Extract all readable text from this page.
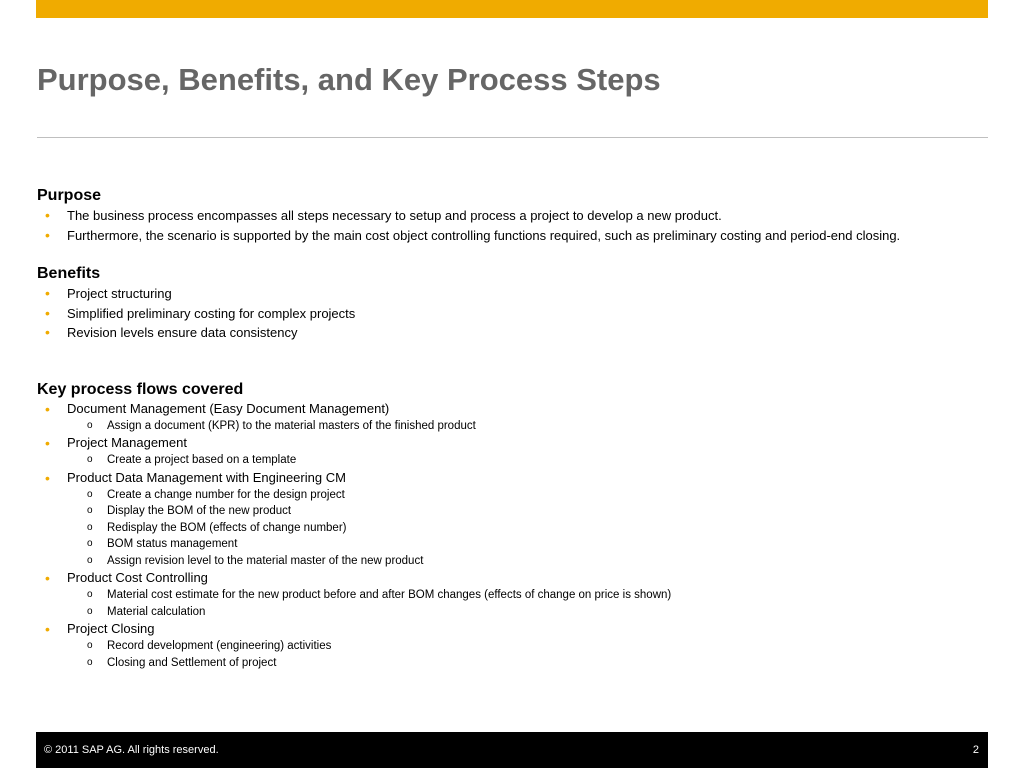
Purpose, Benefits, and Key Process Steps
Purpose
• The business process encompasses all steps necessary to setup and process a project to develop a new product.
• Furthermore, the scenario is supported by the main cost object controlling functions required, such as preliminary costing and period-end closing.
Benefits
• Project structuring
• Simplified preliminary costing for complex projects
• Revision levels ensure data consistency
Key process flows covered
• Document Management (Easy Document Management)
o Assign a document (KPR) to the material masters of the finished product
• Project Management
o Create a project based on a template
• Product Data Management with Engineering CM
o Create a change number for the design project
o Display the BOM of the new product
o Redisplay the BOM (effects of change number)
o BOM status management
o Assign revision level to the material master of the new product
• Product Cost Controlling
o Material cost estimate for the new product before and after BOM changes (effects of change on price is shown)
o Material calculation
• Project Closing
o Record development (engineering) activities
o Closing and Settlement of project
© 2011 SAP AG. All rights reserved.	2
